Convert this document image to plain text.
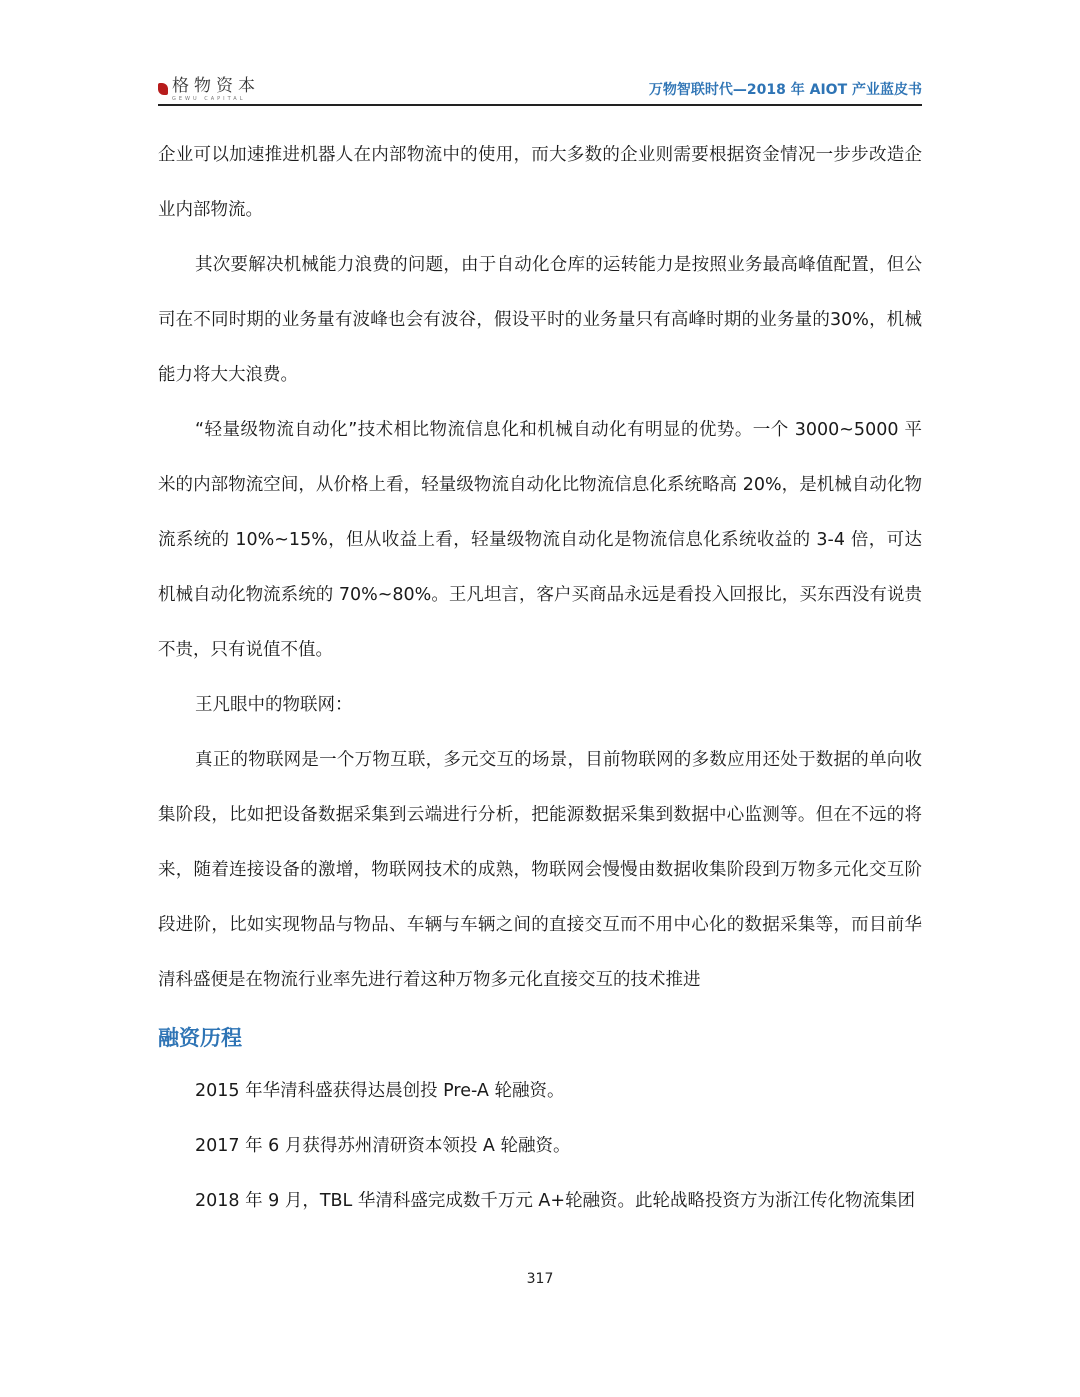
格物资本
GEWU CAPITAL
万物智联时代—2018 年 AIOT 产业蓝皮书

企业可以加速推进机器人在内部物流中的使用，而大多数的企业则需要根据资金情况一步步改造企业内部物流。

其次要解决机械能力浪费的问题，由于自动化仓库的运转能力是按照业务最高峰值配置，但公司在不同时期的业务量有波峰也会有波谷，假设平时的业务量只有高峰时期的业务量的30%，机械能力将大大浪费。

“轻量级物流自动化”技术相比物流信息化和机械自动化有明显的优势。一个 3000~5000 平米的内部物流空间，从价格上看，轻量级物流自动化比物流信息化系统略高 20%，是机械自动化物流系统的 10%~15%，但从收益上看，轻量级物流自动化是物流信息化系统收益的 3-4 倍，可达机械自动化物流系统的 70%~80%。王凡坦言，客户买商品永远是看投入回报比，买东西没有说贵不贵，只有说值不值。

王凡眼中的物联网：

真正的物联网是一个万物互联，多元交互的场景，目前物联网的多数应用还处于数据的单向收集阶段，比如把设备数据采集到云端进行分析，把能源数据采集到数据中心监测等。但在不远的将来，随着连接设备的激增，物联网技术的成熟，物联网会慢慢由数据收集阶段到万物多元化交互阶段进阶，比如实现物品与物品、车辆与车辆之间的直接交互而不用中心化的数据采集等，而目前华清科盛便是在物流行业率先进行着这种万物多元化直接交互的技术推进

融资历程

2015 年华清科盛获得达晨创投 Pre-A 轮融资。

2017 年 6 月获得苏州清研资本领投 A 轮融资。

2018 年 9 月，TBL 华清科盛完成数千万元 A+轮融资。此轮战略投资方为浙江传化物流集团

317
